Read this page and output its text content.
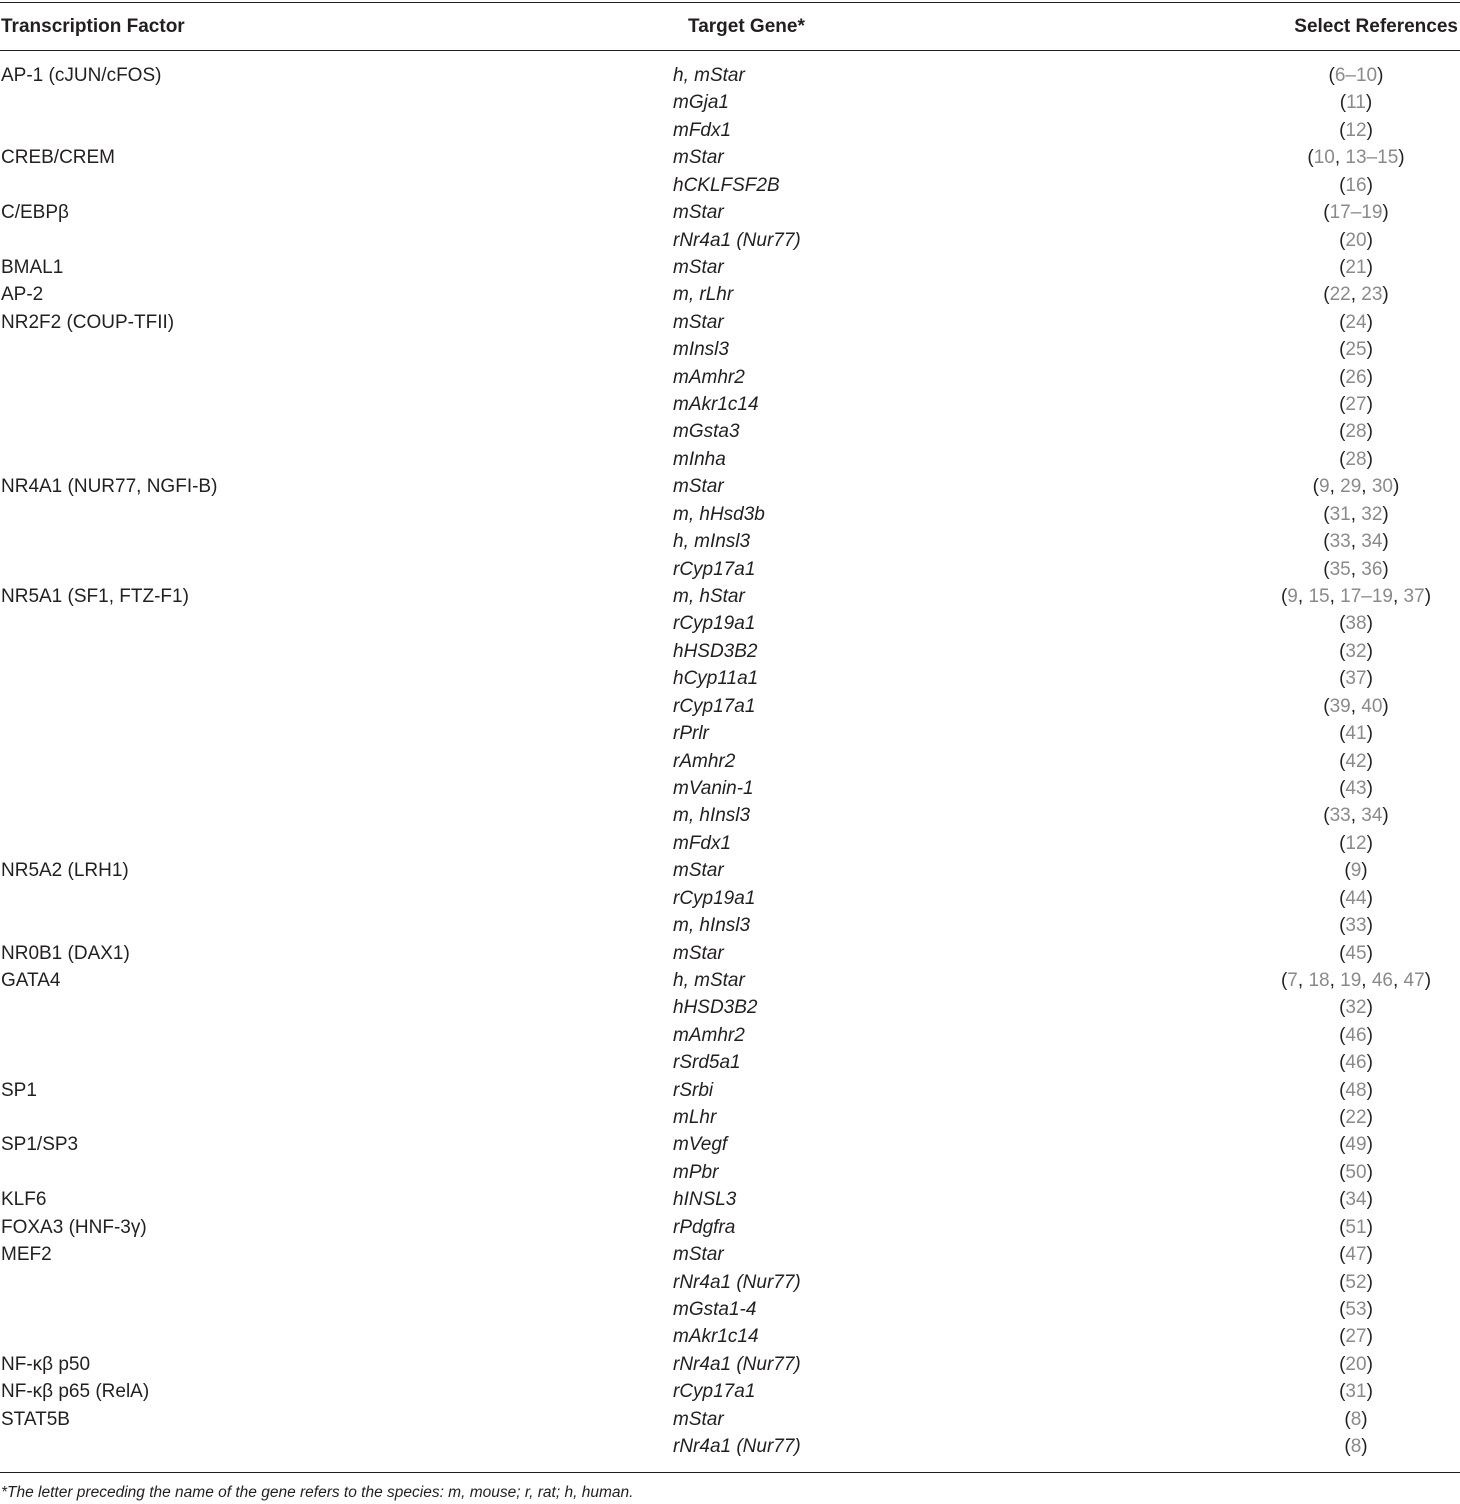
Transcription Factor	Target Gene*	Select References
AP-1 (cJUN/cFOS)	h, mStar	(6–10)
mGja1	(11)
mFdx1	(12)
CREB/CREM	mStar	(10, 13–15)
hCKLFSF2B	(16)
C/EBPβ	mStar	(17–19)
rNr4a1 (Nur77)	(20)
BMAL1	mStar	(21)
AP-2	m, rLhr	(22, 23)
NR2F2 (COUP-TFII)	mStar	(24)
mInsl3	(25)
mAmhr2	(26)
mAkr1c14	(27)
mGsta3	(28)
mInha	(28)
NR4A1 (NUR77, NGFI-B)	mStar	(9, 29, 30)
m, hHsd3b	(31, 32)
h, mInsl3	(33, 34)
rCyp17a1	(35, 36)
NR5A1 (SF1, FTZ-F1)	m, hStar	(9, 15, 17–19, 37)
rCyp19a1	(38)
hHSD3B2	(32)
hCyp11a1	(37)
rCyp17a1	(39, 40)
rPrlr	(41)
rAmhr2	(42)
mVanin-1	(43)
m, hInsl3	(33, 34)
mFdx1	(12)
NR5A2 (LRH1)	mStar	(9)
rCyp19a1	(44)
m, hInsl3	(33)
NR0B1 (DAX1)	mStar	(45)
GATA4	h, mStar	(7, 18, 19, 46, 47)
hHSD3B2	(32)
mAmhr2	(46)
rSrd5a1	(46)
SP1	rSrbi	(48)
mLhr	(22)
SP1/SP3	mVegf	(49)
mPbr	(50)
KLF6	hINSL3	(34)
FOXA3 (HNF-3γ)	rPdgfra	(51)
MEF2	mStar	(47)
rNr4a1 (Nur77)	(52)
mGsta1-4	(53)
mAkr1c14	(27)
NF-κβ p50	rNr4a1 (Nur77)	(20)
NF-κβ p65 (RelA)	rCyp17a1	(31)
STAT5B	mStar	(8)
rNr4a1 (Nur77)	(8)
*The letter preceding the name of the gene refers to the species: m, mouse; r, rat; h, human.
